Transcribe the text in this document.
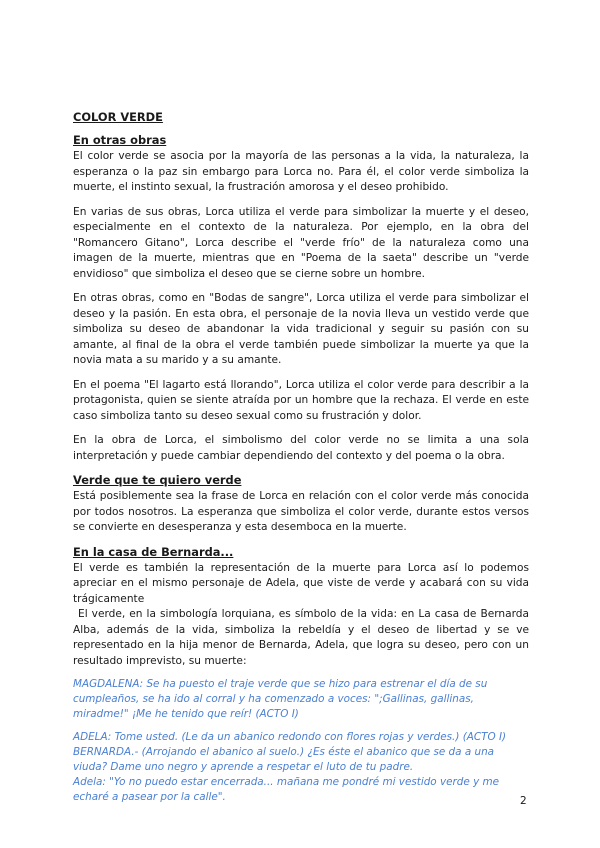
COLOR VERDE
En otras obras

El color verde se asocia por la mayoría de las personas a la vida, la naturaleza, la esperanza o la paz sin embargo para Lorca no. Para él, el color verde simboliza la muerte, el instinto sexual, la frustración amorosa y el deseo prohibido.

En varias de sus obras, Lorca utiliza el verde para simbolizar la muerte y el deseo, especialmente en el contexto de la naturaleza. Por ejemplo, en la obra del "Romancero Gitano", Lorca describe el "verde frío" de la naturaleza como una imagen de la muerte, mientras que en "Poema de la saeta" describe un "verde envidioso" que simboliza el deseo que se cierne sobre un hombre.

En otras obras, como en "Bodas de sangre", Lorca utiliza el verde para simbolizar el deseo y la pasión. En esta obra, el personaje de la novia lleva un vestido verde que simboliza su deseo de abandonar la vida tradicional y seguir su pasión con su amante, al final de la obra el verde también puede simbolizar la muerte ya que la novia mata a su marido y a su amante.

En el poema "El lagarto está llorando", Lorca utiliza el color verde para describir a la protagonista, quien se siente atraída por un hombre que la rechaza. El verde en este caso simboliza tanto su deseo sexual como su frustración y dolor.

En la obra de Lorca, el simbolismo del color verde no se limita a una sola interpretación y puede cambiar dependiendo del contexto y del poema o la obra.

Verde que te quiero verde

Está posiblemente sea la frase de Lorca en relación con el color verde más conocida por todos nosotros. La esperanza que simboliza el color verde, durante estos versos se convierte en desesperanza y esta desemboca en la muerte.

En la casa de Bernarda...

El verde es también la representación de la muerte para Lorca así lo podemos apreciar en el mismo personaje de Adela, que viste de verde y acabará con su vida trágicamente

El verde, en la simbología lorquiana, es símbolo de la vida: en La casa de Bernarda Alba, además de la vida, simboliza la rebeldía y el deseo de libertad y se ve representado en la hija menor de Bernarda, Adela, que logra su deseo, pero con un resultado imprevisto, su muerte:

MAGDALENA: Se ha puesto el traje verde que se hizo para estrenar el día de su cumpleaños, se ha ido al corral y ha comenzado a voces: ";Gallinas, gallinas, miradme!" ¡Me he tenido que reír! (ACTO I)
ADELA: Tome usted. (Le da un abanico redondo con flores rojas y verdes.) (ACTO I)
BERNARDA.- (Arrojando el abanico al suelo.) ¿Es éste el abanico que se da a una viuda? Dame uno negro y aprende a respetar el luto de tu padre.
Adela: "Yo no puedo estar encerrada... mañana me pondré mi vestido verde y me echaré a pasear por la calle".	2
